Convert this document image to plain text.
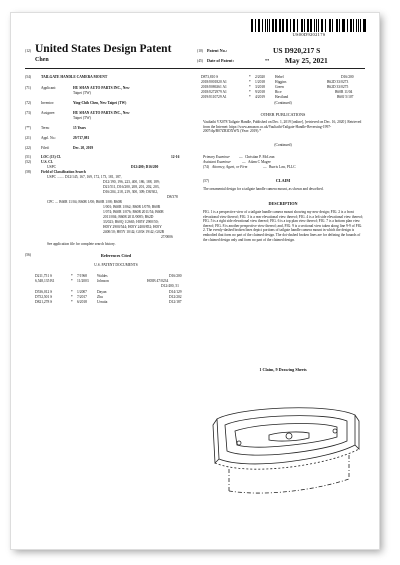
US00D920217S
(12) United States Design Patent
Chen
(10) Patent No.:	US D920,217 S
(45) Date of Patent:	** May 25, 2021
(54)	TAILGATE HANDLE CAMERA MOUNT
(71)	Applicant:	HU SHAN AUTO PARTS INC., New
Taipei (TW)
(72)	Inventor:	Ying-Chih Chen, New Taipei (TW)
(73)	Assignee:	HU SHAN AUTO PARTS INC., New
Taipei (TW)
(**)	Term:	15 Years
(21)	Appl. No.:	29/717,081
(22)	Filed:	Dec. 20, 2019
(51)	LOC (13) Cl.	12-16
(52)	U.S. Cl.
USPC	D12/400; D16/200
(58)	Field of Classification Search
USPC ........ D12/145, 167, 169, 172, 173, 181, 187,
D12/190, 196, 223, 400, 186, 188, 189;
D21/511, D16/200, 208, 201, 202, 203,
D16/204, 218, 219, 300, 309; D8/302,
D8/378
CPC .... B60R 11/04; B60R 1/00; B60R 1/08; B60R
1/001; B60R 1/062; B60R 1/078; B60R
1/074; B60R 1/076; B60R 2011/54; B60R
2011/004; B60R 2011/0085; B62D
33/023; B60Q 1/2665; H05Y 2900/50;
H05Y 2900/544; H05Y 2400/852; H05Y
2400/10; H05Y 10/42; G03S 19/42; G02B
27/0006
See application file for complete search history.
(56)	References Cited
U.S. PATENT DOCUMENTS
D211,751 S	* 7/1968	Waldes	D16/200
6,548,135 B1	* 11/2003 Johnson	H05B 47/0234
D12/400, 51
D536,012 S	* 1/2007	Dayan	D14/129
D752,501 S	* 7/2017	Zhu	D12/202
D821,278 S	* 6/2018	Urrutia	D12/187
D873,810 S	* 2/2020	Hebel	D16/200
2018/0001820 A1	* 1/2018	Higgins	B62D 33/0273
2018/0086361 A1	* 3/2018	Green	B62D 33/0275
2018/0272979 A1	* 9/2018	Rice	B60R 11/04
2019/0110729 A1	* 4/2019	Haviland	B60J 5/107
(Continued)
OTHER PUBLICATIONS
Vaultathi VX078 Tailgate Handle, Published on Dec. 1, 2019 [online], [retrieved on Dec. 16, 2020]. Retrieved from the Internet: https://www.amazon.co.uk/Vaultathi-Tailgate-Handle-Reversing-1997-2007/dp/B07ZR3DXWX (Year: 2019).*
(Continued)
Primary Examiner	— Christian P. McLean
Assistant Examiner	— Adam C Magee
(74) Attorney, Agent, or Firm	— Burris Law, PLLC
(57)	CLAIM
The ornamental design for a tailgate handle camera mount, as shown and described.
DESCRIPTION
FIG. 1 is a perspective view of a tailgate handle camera mount showing my new design; FIG. 2 is a front elevational view thereof; FIG. 3 is a rear elevational view thereof; FIG. 4 is a left side elevational view thereof; FIG. 5 is a right side elevational view thereof; FIG. 6 is a top plan view thereof; FIG. 7 is a bottom plan view thereof; FIG. 8 is another perspective view thereof; and, FIG. 9 is a sectional view taken along line 9-9 of FIG. 2. The evenly-dashed broken lines depict portions of tailgate handle camera mount in which the design is embodied that form no part of the claimed design. The dot-dashed broken lines are for defining the bounds of the claimed design only and form no part of the claimed design.
1 Claim, 9 Drawing Sheets
